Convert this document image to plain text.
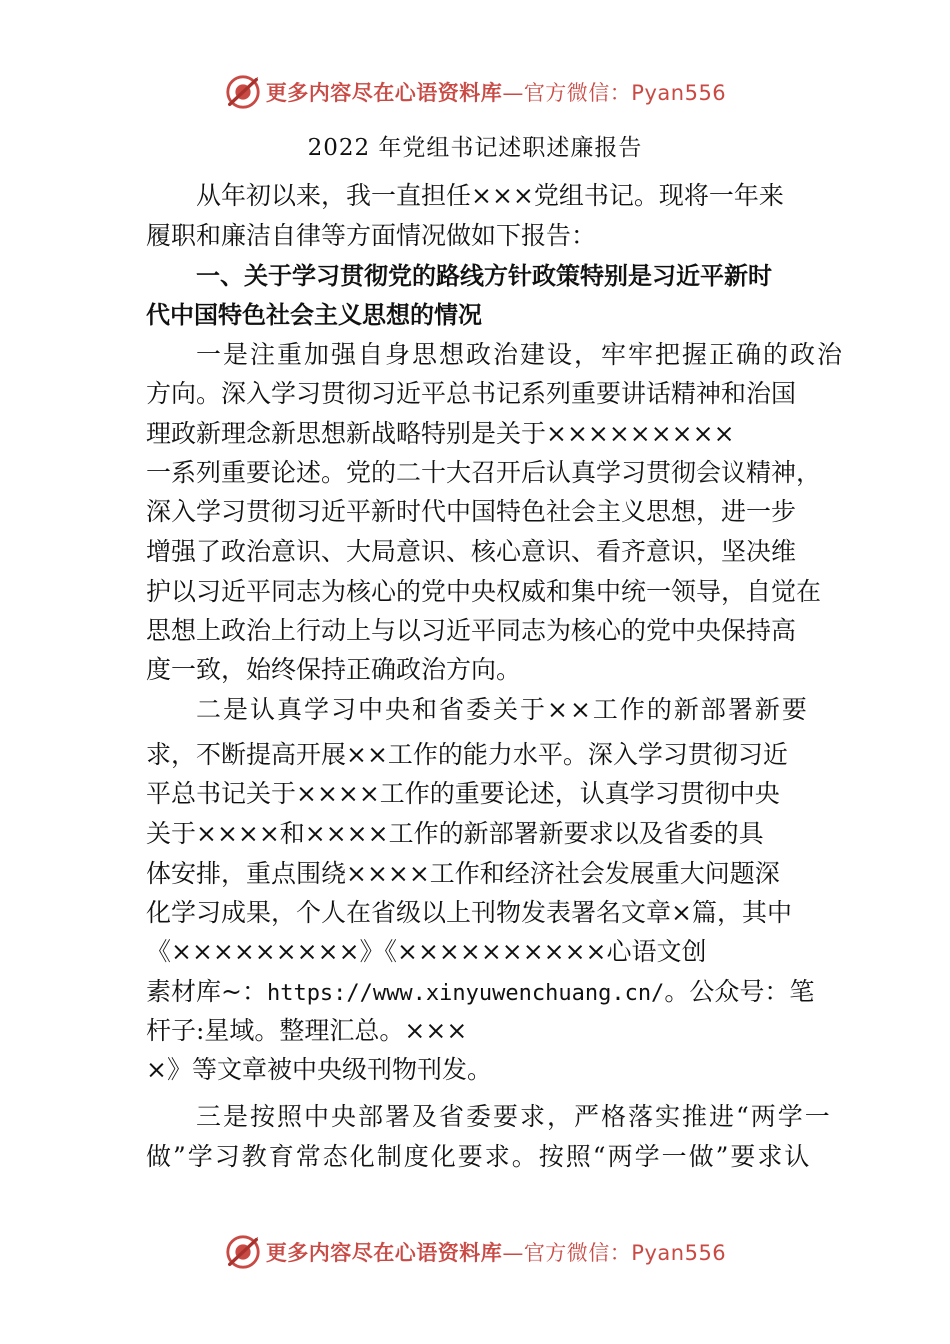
更多内容尽在心语资料库—官方微信：Pyan556
2022 年党组书记述职述廉报告
从年初以来，我一直担任×××党组书记。现将一年来
履职和廉洁自律等方面情况做如下报告：
一、关于学习贯彻党的路线方针政策特别是习近平新时
代中国特色社会主义思想的情况
一是注重加强自身思想政治建设，牢牢把握正确的政治
方向。深入学习贯彻习近平总书记系列重要讲话精神和治国
理政新理念新思想新战略特别是关于×××××××××
一系列重要论述。党的二十大召开后认真学习贯彻会议精神，
深入学习贯彻习近平新时代中国特色社会主义思想，进一步
增强了政治意识、大局意识、核心意识、看齐意识，坚决维
护以习近平同志为核心的党中央权威和集中统一领导，自觉在
思想上政治上行动上与以习近平同志为核心的党中央保持高
度一致，始终保持正确政治方向。
二是认真学习中央和省委关于××工作的新部署新要
求，不断提高开展××工作的能力水平。深入学习贯彻习近
平总书记关于××××工作的重要论述，认真学习贯彻中央
关于××××和××××工作的新部署新要求以及省委的具
体安排，重点围绕××××工作和经济社会发展重大问题深
化学习成果，个人在省级以上刊物发表署名文章×篇，其中
《×××××××××》《××××××××××心语文创
素材库~：https://www.xinyuwenchuang.cn/。公众号：笔
杆子:星域。整理汇总。×××
×》等文章被中央级刊物刊发。
三是按照中央部署及省委要求，严格落实推进“两学一
做”学习教育常态化制度化要求。按照“两学一做”要求认
更多内容尽在心语资料库—官方微信：Pyan556
